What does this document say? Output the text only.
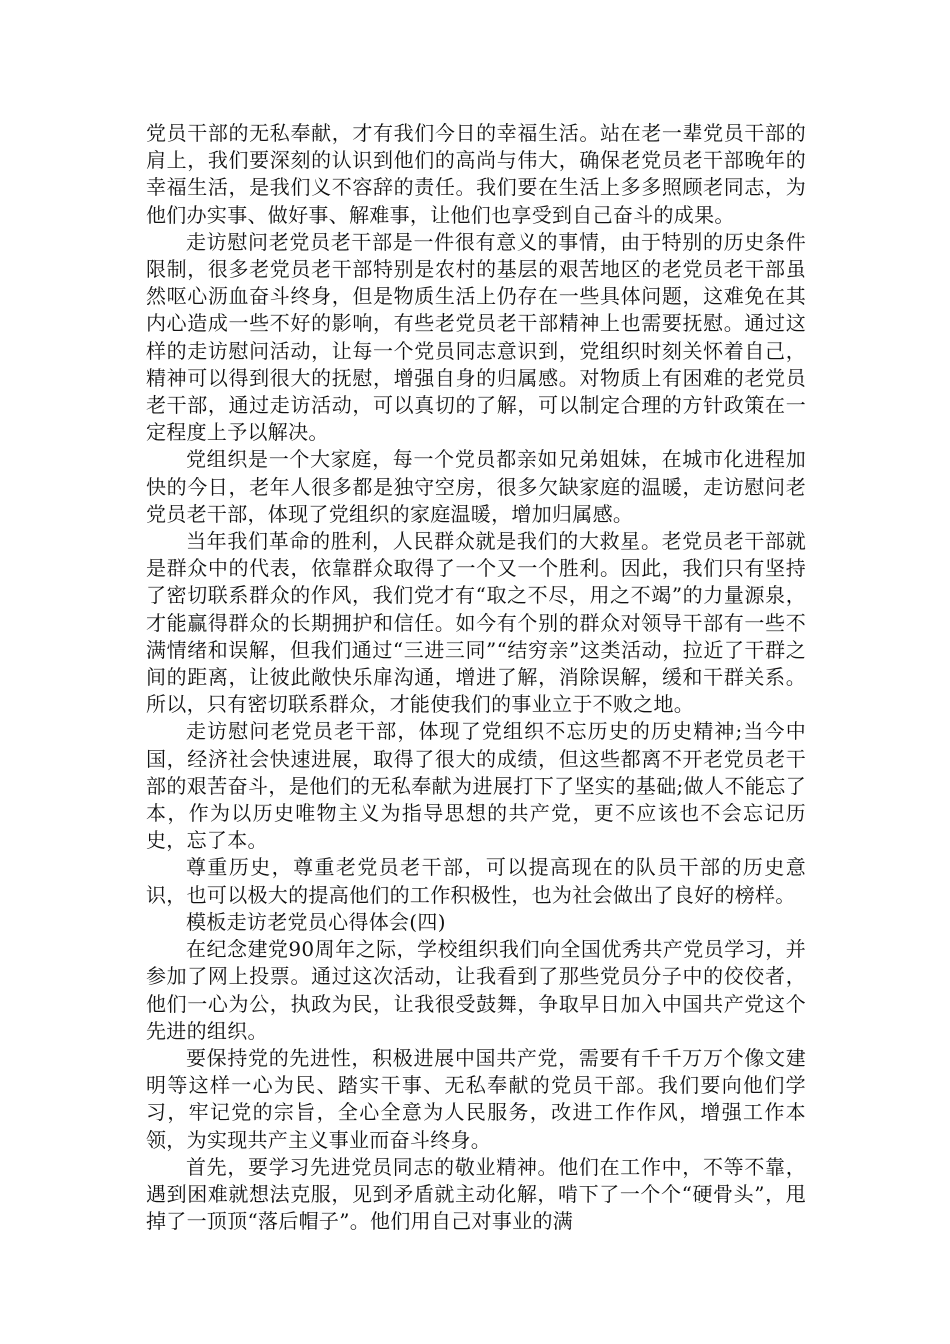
党员干部的无私奉献，才有我们今日的幸福生活。站在老一辈党员干部的肩上，我们要深刻的认识到他们的高尚与伟大，确保老党员老干部晚年的幸福生活，是我们义不容辞的责任。我们要在生活上多多照顾老同志，为他们办实事、做好事、解难事，让他们也享受到自己奋斗的成果。

走访慰问老党员老干部是一件很有意义的事情，由于特别的历史条件限制，很多老党员老干部特别是农村的基层的艰苦地区的老党员老干部虽然呕心沥血奋斗终身，但是物质生活上仍存在一些具体问题，这难免在其内心造成一些不好的影响，有些老党员老干部精神上也需要抚慰。通过这样的走访慰问活动，让每一个党员同志意识到，党组织时刻关怀着自己，精神可以得到很大的抚慰，增强自身的归属感。对物质上有困难的老党员老干部，通过走访活动，可以真切的了解，可以制定合理的方针政策在一定程度上予以解决。

党组织是一个大家庭，每一个党员都亲如兄弟姐妹，在城市化进程加快的今日，老年人很多都是独守空房，很多欠缺家庭的温暖，走访慰问老党员老干部，体现了党组织的家庭温暖，增加归属感。

当年我们革命的胜利，人民群众就是我们的大救星。老党员老干部就是群众中的代表，依靠群众取得了一个又一个胜利。因此，我们只有坚持了密切联系群众的作风，我们党才有“取之不尽，用之不竭”的力量源泉，才能赢得群众的长期拥护和信任。如今有个别的群众对领导干部有一些不满情绪和误解，但我们通过“三进三同”“结穷亲”这类活动，拉近了干群之间的距离，让彼此敞快乐扉沟通，增进了解，消除误解，缓和干群关系。所以，只有密切联系群众，才能使我们的事业立于不败之地。

走访慰问老党员老干部，体现了党组织不忘历史的历史精神;当今中国，经济社会快速进展，取得了很大的成绩，但这些都离不开老党员老干部的艰苦奋斗，是他们的无私奉献为进展打下了坚实的基础;做人不能忘了本，作为以历史唯物主义为指导思想的共产党，更不应该也不会忘记历史，忘了本。

尊重历史，尊重老党员老干部，可以提高现在的队员干部的历史意识，也可以极大的提高他们的工作积极性，也为社会做出了良好的榜样。

模板走访老党员心得体会(四)

在纪念建党90周年之际，学校组织我们向全国优秀共产党员学习，并参加了网上投票。通过这次活动，让我看到了那些党员分子中的佼佼者，他们一心为公，执政为民，让我很受鼓舞，争取早日加入中国共产党这个先进的组织。

要保持党的先进性，积极进展中国共产党，需要有千千万万个像文建明等这样一心为民、踏实干事、无私奉献的党员干部。我们要向他们学习，牢记党的宗旨，全心全意为人民服务，改进工作作风，增强工作本领，为实现共产主义事业而奋斗终身。

首先，要学习先进党员同志的敬业精神。他们在工作中，不等不靠，遇到困难就想法克服，见到矛盾就主动化解，啃下了一个个“硬骨头”，甩掉了一顶顶“落后帽子”。他们用自己对事业的满
